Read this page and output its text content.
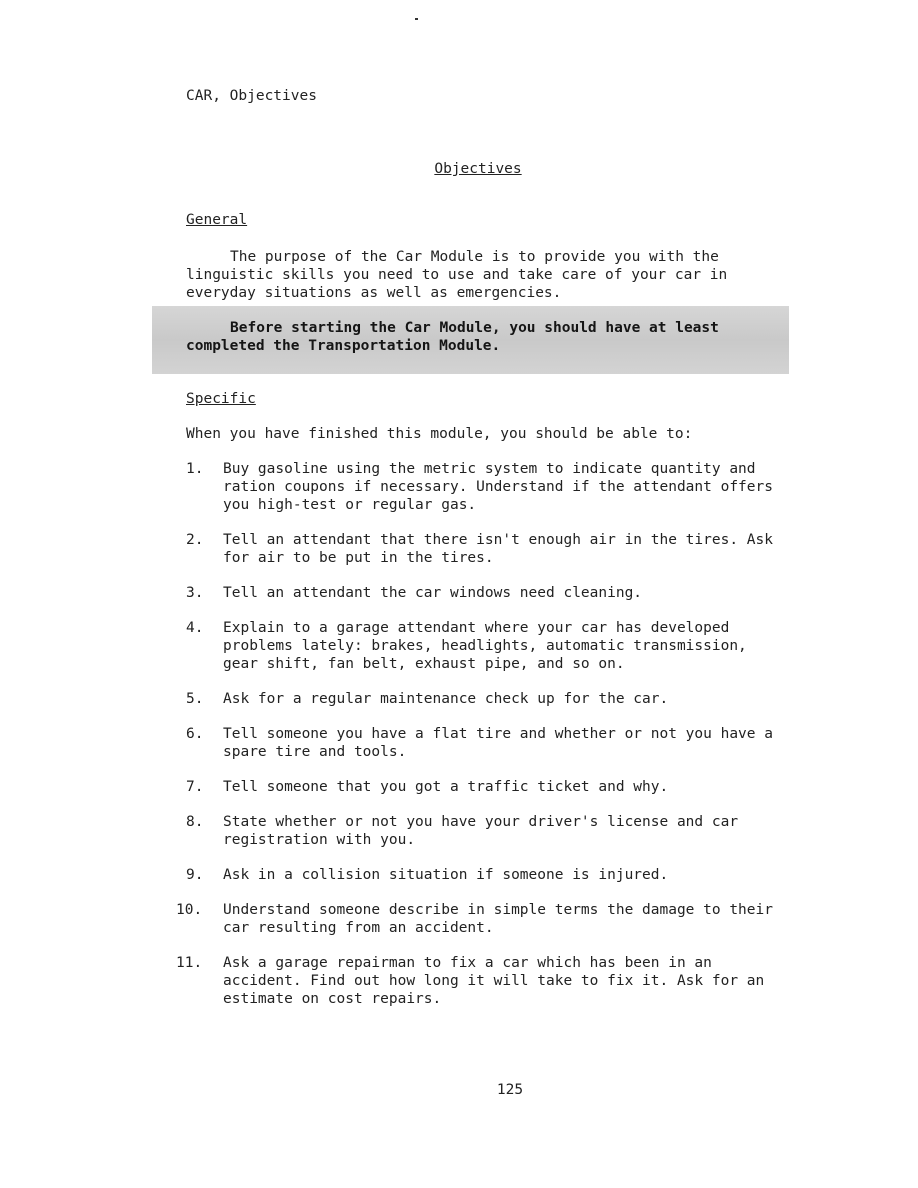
CAR, Objectives
Objectives
General
The purpose of the Car Module is to provide you with the linguistic skills you need to use and take care of your car in everyday situations as well as emergencies.
Before starting the Car Module, you should have at least completed the Transportation Module.
Specific
When you have finished this module, you should be able to:
1. Buy gasoline using the metric system to indicate quantity and ration coupons if necessary. Understand if the attendant offers you high-test or regular gas.
2. Tell an attendant that there isn't enough air in the tires. Ask for air to be put in the tires.
3. Tell an attendant the car windows need cleaning.
4. Explain to a garage attendant where your car has developed problems lately: brakes, headlights, automatic transmission, gear shift, fan belt, exhaust pipe, and so on.
5. Ask for a regular maintenance check up for the car.
6. Tell someone you have a flat tire and whether or not you have a spare tire and tools.
7. Tell someone that you got a traffic ticket and why.
8. State whether or not you have your driver's license and car registration with you.
9. Ask in a collision situation if someone is injured.
10. Understand someone describe in simple terms the damage to their car resulting from an accident.
11. Ask a garage repairman to fix a car which has been in an accident. Find out how long it will take to fix it. Ask for an estimate on cost repairs.
125
